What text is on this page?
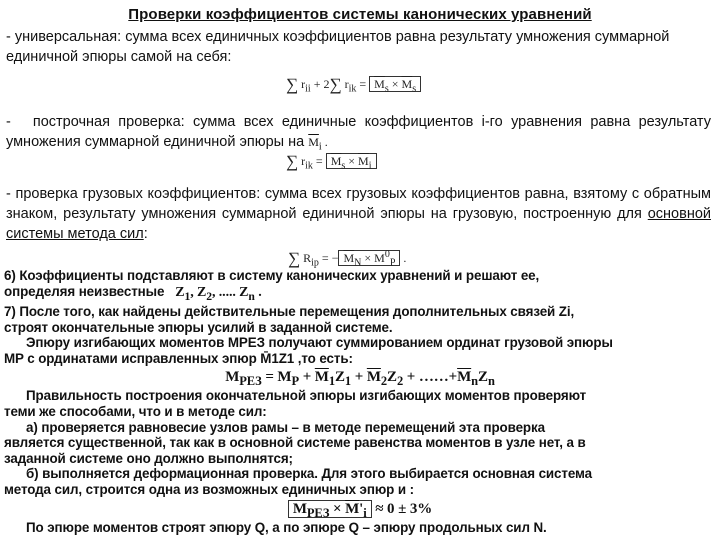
Проверки коэффициентов системы канонических уравнений
- универсальная: сумма всех единичных коэффициентов равна результату умножения суммарной единичной эпюры самой на себя:
∑ $r_{ii} + 2\sum$ $r_{ik} = \overline{M}_s \times \overline{M}_s$
- построчная проверка: сумма всех единичные коэффициентов i-го уравнения равна результату умножения суммарной единичной эпюры на $\overline{M}_i$ .
∑ $r_{ik} = \overline{M}_s \times \overline{M}_i$
- проверка грузовых коэффициентов: сумма всех грузовых коэффициентов равна, взятому с обратным знаком, результату умножения суммарной единичной эпюры на грузовую, построенную для основной системы метода сил:
∑ $R_{ip}$ = − $\overline{M}_N \times M^0_P$ .
6) Коэффициенты подставляют в систему канонических уравнений и решают ее,
определяя неизвестные $Z_1$, $Z_2$, ..... $Z_n$ .
7) После того, как найдены действительные перемещения дополнительных связей Zi,
строят окончательные эпюры усилий в заданной системе.
Эпюру изгибающих моментов MРЕЗ получают суммированием ординат грузовой эпюры
MP с ординатами исправленных эпюр M̄1Z1 ,то есть:
$M_{РЕЗ} = M_P + \overline{M}_1Z_1 + \overline{M}_2Z_2$ + $\dots\dots+\overline{M}_nZ_n$
Правильность построения окончательной эпюры изгибающих моментов проверяют
теми же способами, что и в методе сил:
а) проверяется равновесие узлов рамы – в методе перемещений эта проверка
является существенной, так как в основной системе равенства моментов в узле нет, а в
заданной системе оно должно выполнятся;
б) выполняется деформационная проверка. Для этого выбирается основная система
метода сил, строится одна из возможных единичных эпюр и :
$M_{РЕЗ} \times \overline{M}'_i \approx 0 \pm 3\%$
По эпюре моментов строят эпюру Q, а по эпюре Q – эпюру продольных сил N.
